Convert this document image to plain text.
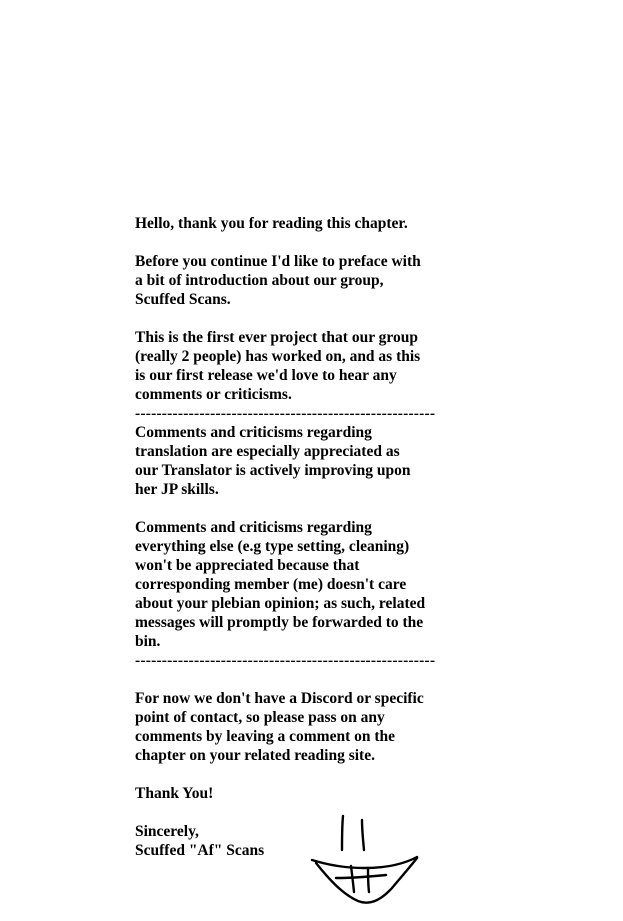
Hello, thank you for reading this chapter.
Before you continue I'd like to preface with
a bit of introduction about our group,
Scuffed Scans.
This is the first ever project that our group
(really 2 people) has worked on, and as this
is our first release we'd love to hear any
comments or criticisms.
--------------------------------------------------------
Comments and criticisms regarding
translation are especially appreciated as
our Translator is actively improving upon
her JP skills.
Comments and criticisms regarding
everything else (e.g type setting, cleaning)
won't be appreciated because that
corresponding member (me) doesn't care
about your plebian opinion; as such, related
messages will promptly be forwarded to the
bin.
--------------------------------------------------------
For now we don't have a Discord or specific
point of contact, so please pass on any
comments by leaving a comment on the
chapter on your related reading site.
Thank You!
Sincerely,
Scuffed "Af" Scans
